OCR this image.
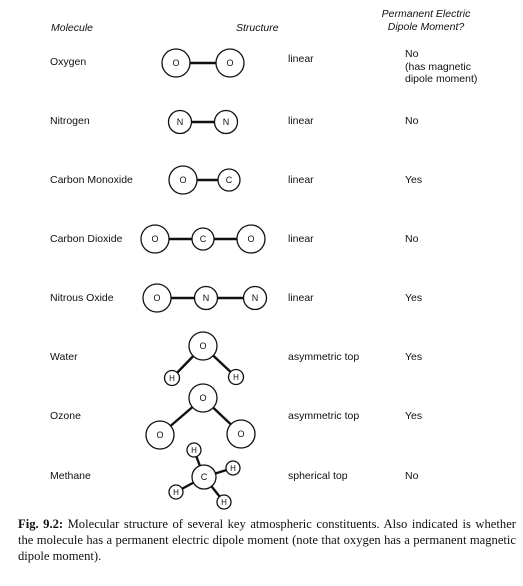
Molecule	Structure
Permanent Electric
Dipole Moment?
Oxygen	linear	No
(has magnetic
dipole moment)
Nitrogen	linear	No
Carbon Monoxide	linear	Yes
Carbon Dioxide	linear	No
Nitrous Oxide	linear	Yes
Water	asymmetric top	Yes
Ozone	asymmetric top	Yes
Methane	spherical top	No
O	O
N	N
O	C
O	C	O
O	N	N
O
H	H
O
O	O
C
H
H
H
H
Fig. 9.2: Molecular structure of several key atmospheric constituents. Also indicated is whether the molecule has a permanent electric dipole moment (note that oxygen has a permanent magnetic dipole moment).
